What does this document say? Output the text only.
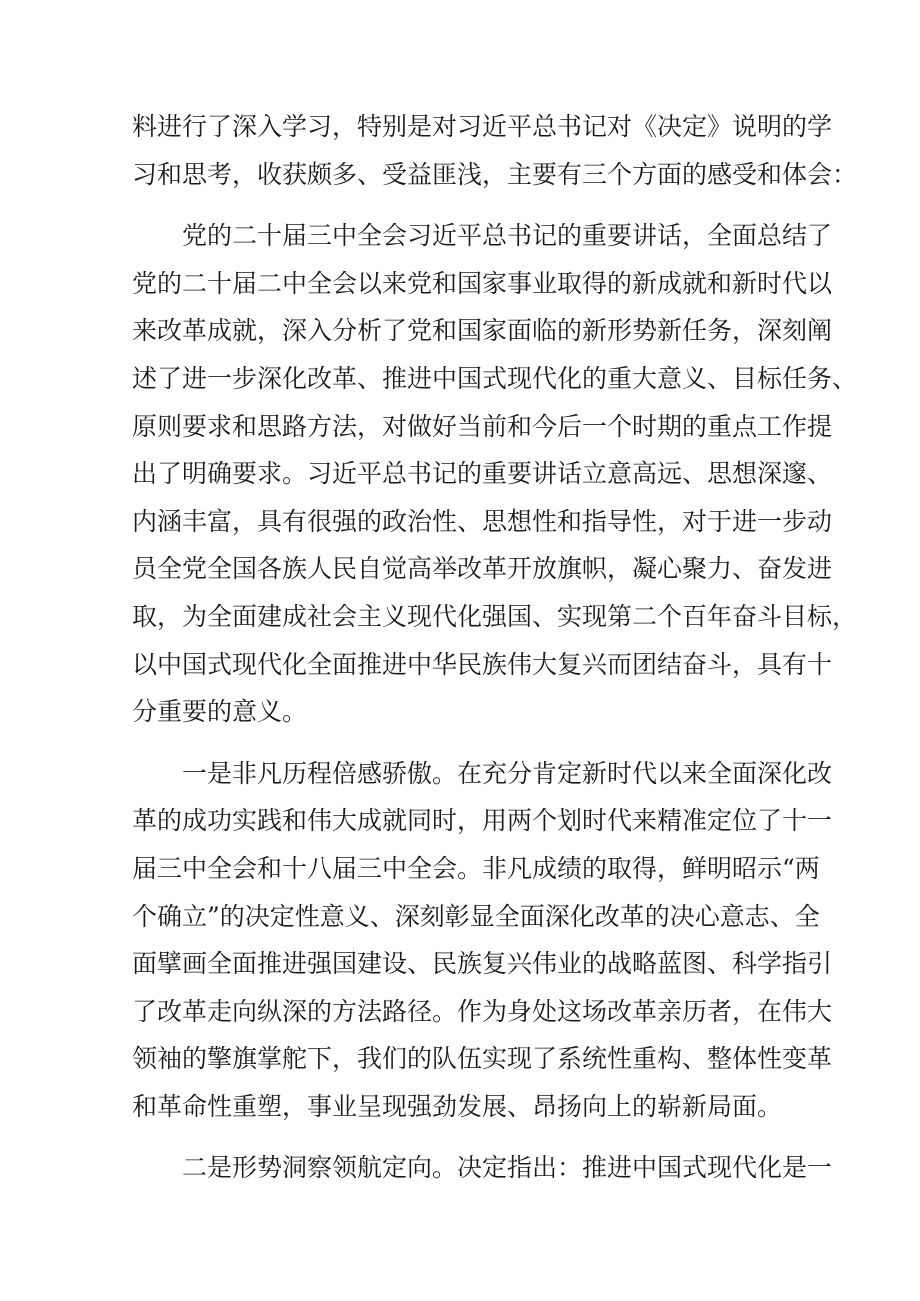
料进行了深入学习，特别是对习近平总书记对《决定》说明的学
习和思考，收获颇多、受益匪浅，主要有三个方面的感受和体会：
党的二十届三中全会习近平总书记的重要讲话，全面总结了
党的二十届二中全会以来党和国家事业取得的新成就和新时代以
来改革成就，深入分析了党和国家面临的新形势新任务，深刻阐
述了进一步深化改革、推进中国式现代化的重大意义、目标任务、
原则要求和思路方法，对做好当前和今后一个时期的重点工作提
出了明确要求。习近平总书记的重要讲话立意高远、思想深邃、
内涵丰富，具有很强的政治性、思想性和指导性，对于进一步动
员全党全国各族人民自觉高举改革开放旗帜，凝心聚力、奋发进
取，为全面建成社会主义现代化强国、实现第二个百年奋斗目标，
以中国式现代化全面推进中华民族伟大复兴而团结奋斗，具有十
分重要的意义。
一是非凡历程倍感骄傲。在充分肯定新时代以来全面深化改
革的成功实践和伟大成就同时，用两个划时代来精准定位了十一
届三中全会和十八届三中全会。非凡成绩的取得，鲜明昭示“两
个确立”的决定性意义、深刻彰显全面深化改革的决心意志、全
面擘画全面推进强国建设、民族复兴伟业的战略蓝图、科学指引
了改革走向纵深的方法路径。作为身处这场改革亲历者，在伟大
领袖的擎旗掌舵下，我们的队伍实现了系统性重构、整体性变革
和革命性重塑，事业呈现强劲发展、昂扬向上的崭新局面。
二是形势洞察领航定向。决定指出：推进中国式现代化是一
